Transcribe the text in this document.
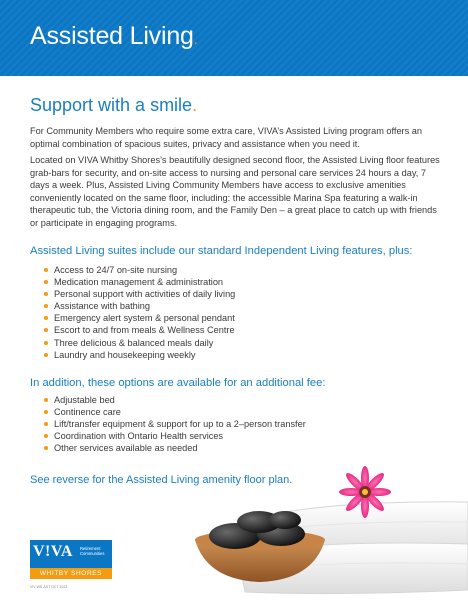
Assisted Living.
Support with a smile.

For Community Members who require some extra care, VIVA’s Assisted Living program offers an optimal combination of spacious suites, privacy and assistance when you need it.

Located on VIVA Whitby Shores’s beautifully designed second floor, the Assisted Living floor features grab-bars for security, and on-site access to nursing and personal care services 24 hours a day, 7 days a week. Plus, Assisted Living Community Members have access to exclusive amenities conveniently located on the same floor, including: the accessible Marina Spa featuring a walk-in therapeutic tub, the Victoria dining room, and the Family Den – a great place to catch up with friends or participate in engaging programs.

Assisted Living suites include our standard Independent Living features, plus:
Access to 24/7 on-site nursing
Medication management & administration
Personal support with activities of daily living
Assistance with bathing
Emergency alert system & personal pendant
Escort to and from meals & Wellness Centre
Three delicious & balanced meals daily
Laundry and housekeeping weekly
In addition, these options are available for an additional fee:
Adjustable bed
Continence care
Lift/transfer equipment & support for up to a 2–person transfer
Coordination with Ontario Health services
Other services available as needed
See reverse for the Assisted Living amenity floor plan.
V!VA Retirement Communities
WHITBY SHORES
VIV-WS-AST OCT 2022
